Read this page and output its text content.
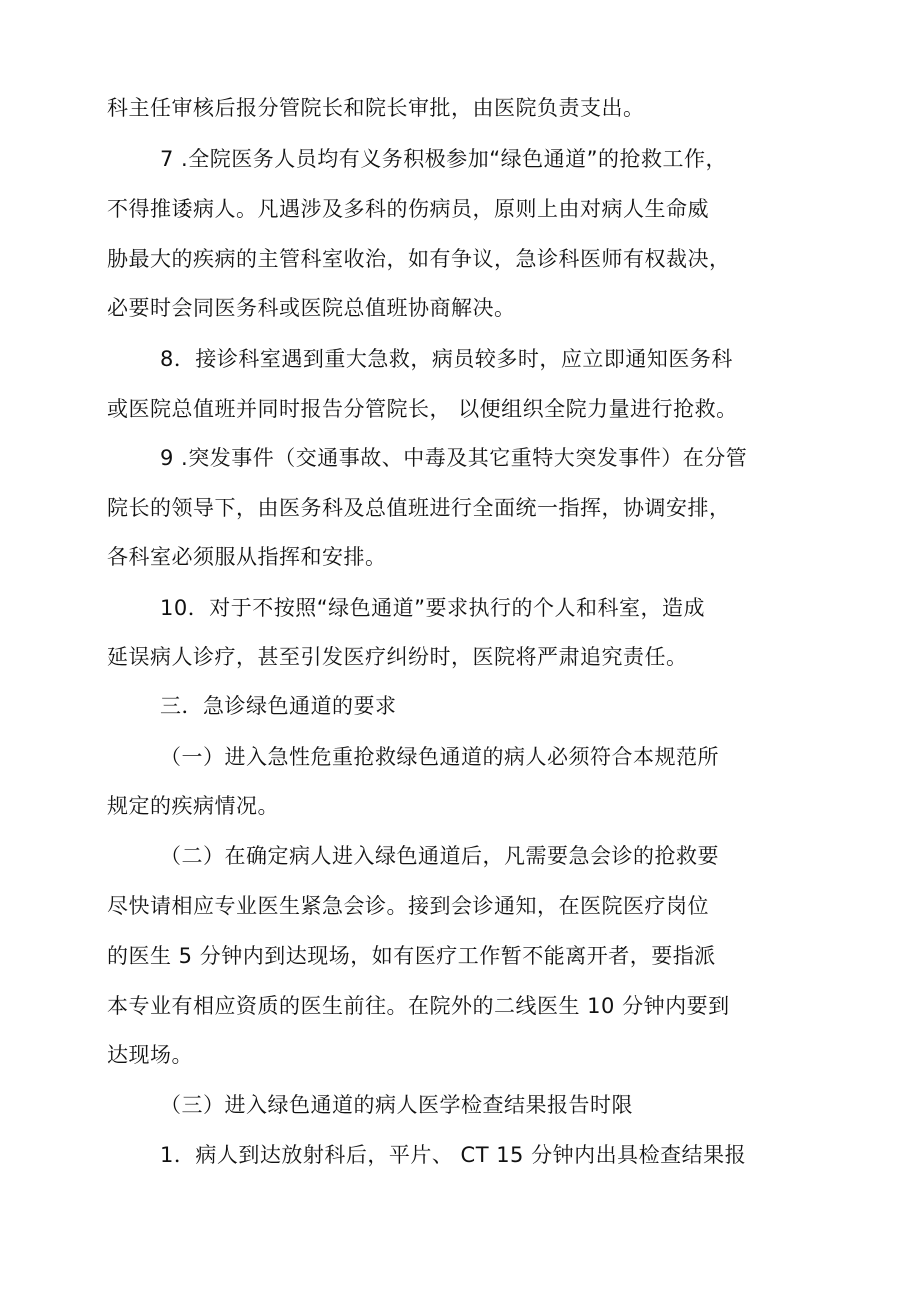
科主任审核后报分管院长和院长审批，由医院负责支出。
7 .全院医务人员均有义务积极参加“绿色通道”的抢救工作，
不得推诿病人。凡遇涉及多科的伤病员，原则上由对病人生命威
胁最大的疾病的主管科室收治，如有争议，急诊科医师有权裁决，
必要时会同医务科或医院总值班协商解决。
8．接诊科室遇到重大急救，病员较多时，应立即通知医务科
或医院总值班并同时报告分管院长， 以便组织全院力量进行抢救。
9 .突发事件（交通事故、中毒及其它重特大突发事件）在分管
院长的领导下，由医务科及总值班进行全面统一指挥，协调安排，
各科室必须服从指挥和安排。
10．对于不按照“绿色通道”要求执行的个人和科室，造成
延误病人诊疗，甚至引发医疗纠纷时，医院将严肃追究责任。
三．急诊绿色通道的要求
（一）进入急性危重抢救绿色通道的病人必须符合本规范所
规定的疾病情况。
（二）在确定病人进入绿色通道后，凡需要急会诊的抢救要
尽快请相应专业医生紧急会诊。接到会诊通知，在医院医疗岗位
的医生 5 分钟内到达现场，如有医疗工作暂不能离开者，要指派
本专业有相应资质的医生前往。在院外的二线医生 10 分钟内要到
达现场。
（三）进入绿色通道的病人医学检查结果报告时限
1．病人到达放射科后，平片、 CT 15 分钟内出具检查结果报
